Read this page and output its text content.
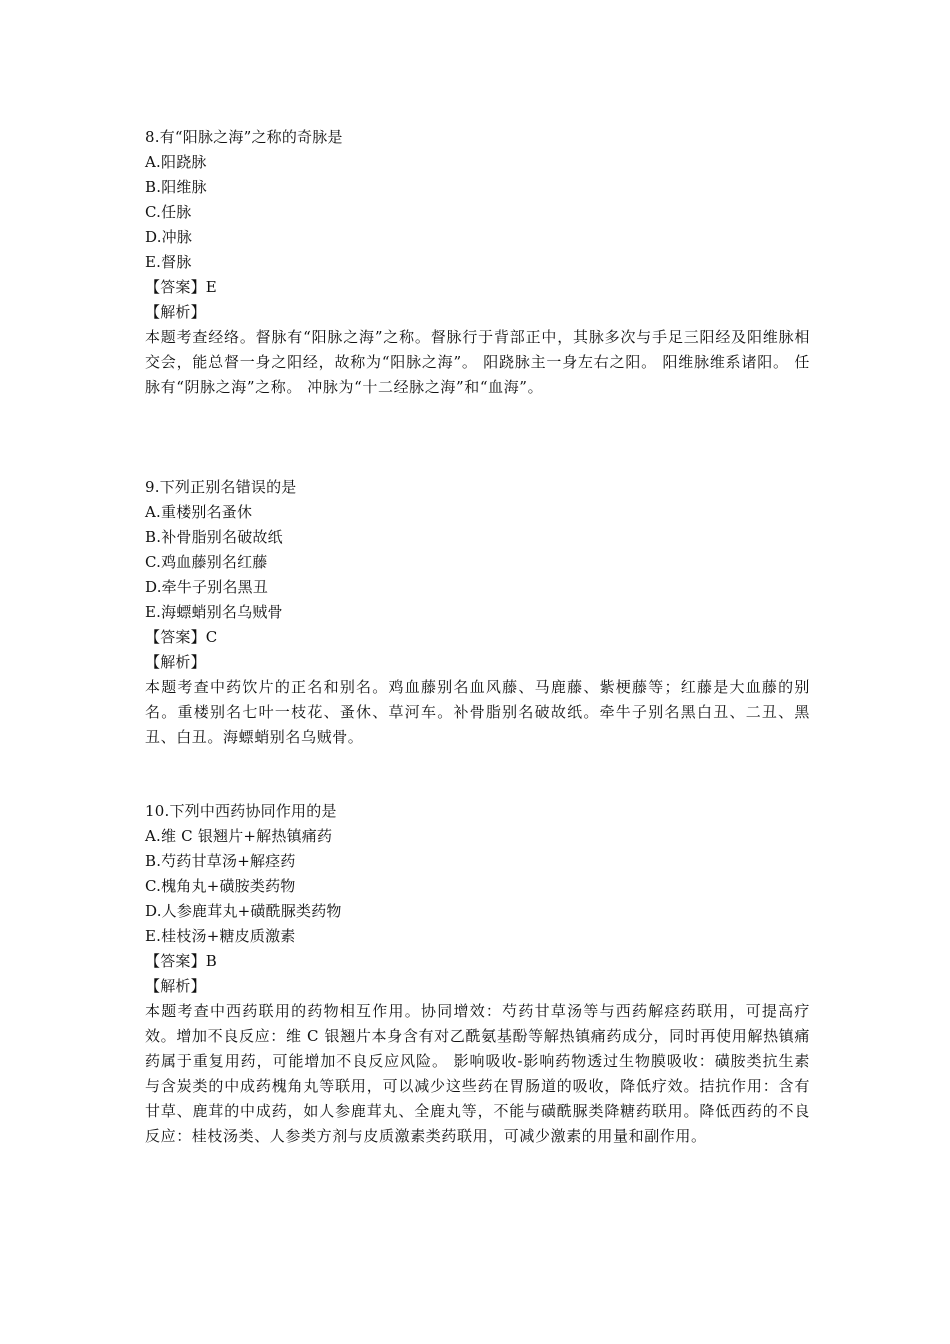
8.有“阳脉之海”之称的奇脉是
A.阳跷脉
B.阳维脉
C.任脉
D.冲脉
E.督脉
【答案】E
【解析】
本题考查经络。督脉有“阳脉之海”之称。督脉行于背部正中，其脉多次与手足三阳经及阳维脉相交会，能总督一身之阳经，故称为“阳脉之海”。 阳跷脉主一身左右之阳。 阳维脉维系诸阳。 任脉有“阴脉之海”之称。 冲脉为“十二经脉之海”和“血海”。
9.下列正别名错误的是
A.重楼别名蚤休
B.补骨脂别名破故纸
C.鸡血藤别名红藤
D.牵牛子别名黑丑
E.海螵蛸别名乌贼骨
【答案】C
【解析】
本题考查中药饮片的正名和别名。鸡血藤别名血风藤、马鹿藤、紫梗藤等；红藤是大血藤的别名。重楼别名七叶一枝花、蚤休、草河车。补骨脂别名破故纸。牵牛子别名黑白丑、二丑、黑丑、白丑。海螵蛸别名乌贼骨。
10.下列中西药协同作用的是
A.维 C 银翘片+解热镇痛药
B.芍药甘草汤+解痉药
C.槐角丸+磺胺类药物
D.人参鹿茸丸+磺酰脲类药物
E.桂枝汤+糖皮质激素
【答案】B
【解析】
本题考查中西药联用的药物相互作用。协同增效：芍药甘草汤等与西药解痉药联用，可提高疗效。增加不良反应：维 C 银翘片本身含有对乙酰氨基酚等解热镇痛药成分，同时再使用解热镇痛药属于重复用药，可能增加不良反应风险。 影响吸收-影响药物透过生物膜吸收：磺胺类抗生素与含炭类的中成药槐角丸等联用，可以减少这些药在胃肠道的吸收，降低疗效。拮抗作用：含有甘草、鹿茸的中成药，如人参鹿茸丸、全鹿丸等，不能与磺酰脲类降糖药联用。降低西药的不良反应：桂枝汤类、人参类方剂与皮质激素类药联用，可减少激素的用量和副作用。
